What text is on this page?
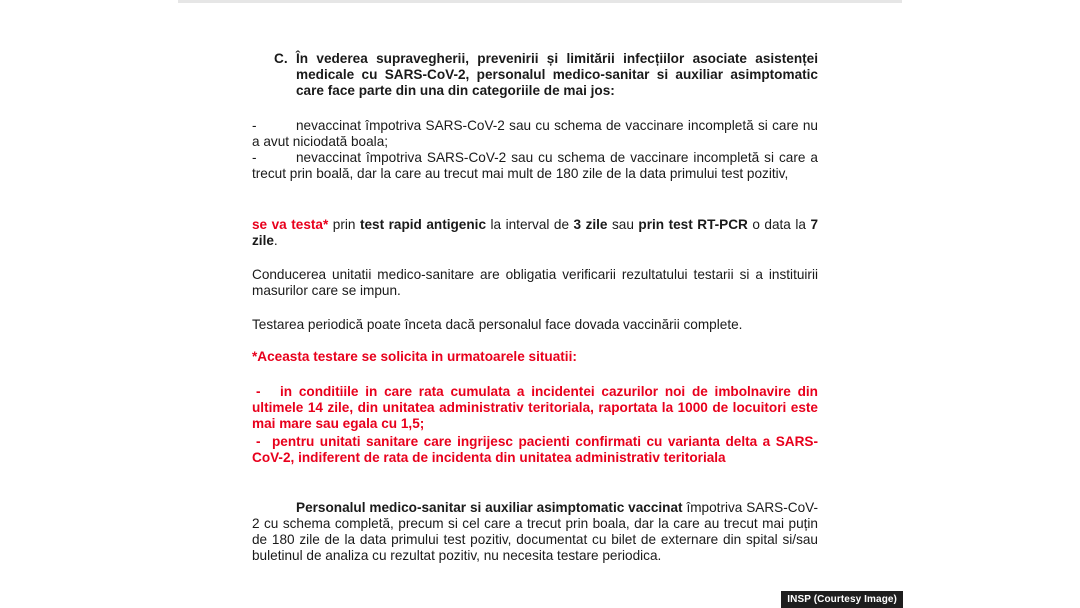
C. În vederea supravegherii, prevenirii și limitării infecțiilor asociate asistenței medicale cu SARS-CoV-2, personalul medico-sanitar si auxiliar asimptomatic care face parte din una din categoriile de mai jos:
-	nevaccinat împotriva SARS-CoV-2 sau cu schema de vaccinare incompletă si care nu a avut niciodată boala;
-	nevaccinat împotriva SARS-CoV-2 sau cu schema de vaccinare incompletă si care a trecut prin boală, dar la care au trecut mai mult de 180 zile de la data primului test pozitiv,
se va testa* prin test rapid antigenic la interval de 3 zile sau prin test RT-PCR o data la 7 zile.
Conducerea unitatii medico-sanitare are obligatia verificarii rezultatului testarii si a instituirii masurilor care se impun.
Testarea periodică poate înceta dacă personalul face dovada vaccinării complete.
*Aceasta testare se solicita in urmatoarele situatii:
-	in conditiile in care rata cumulata a incidentei cazurilor noi de imbolnavire din ultimele 14 zile, din unitatea administrativ teritoriala, raportata la 1000 de locuitori este mai mare sau egala cu 1,5;
- pentru unitati sanitare care ingrijesc pacienti confirmati cu varianta delta a SARS-CoV-2, indiferent de rata de incidenta din unitatea administrativ teritoriala
Personalul medico-sanitar si auxiliar asimptomatic vaccinat împotriva SARS-CoV-2 cu schema completă, precum si cel care a trecut prin boala, dar la care au trecut mai puțin de 180 zile de la data primului test pozitiv, documentat cu bilet de externare din spital si/sau buletinul de analiza cu rezultat pozitiv, nu necesita testare periodica.
INSP (Courtesy Image)
